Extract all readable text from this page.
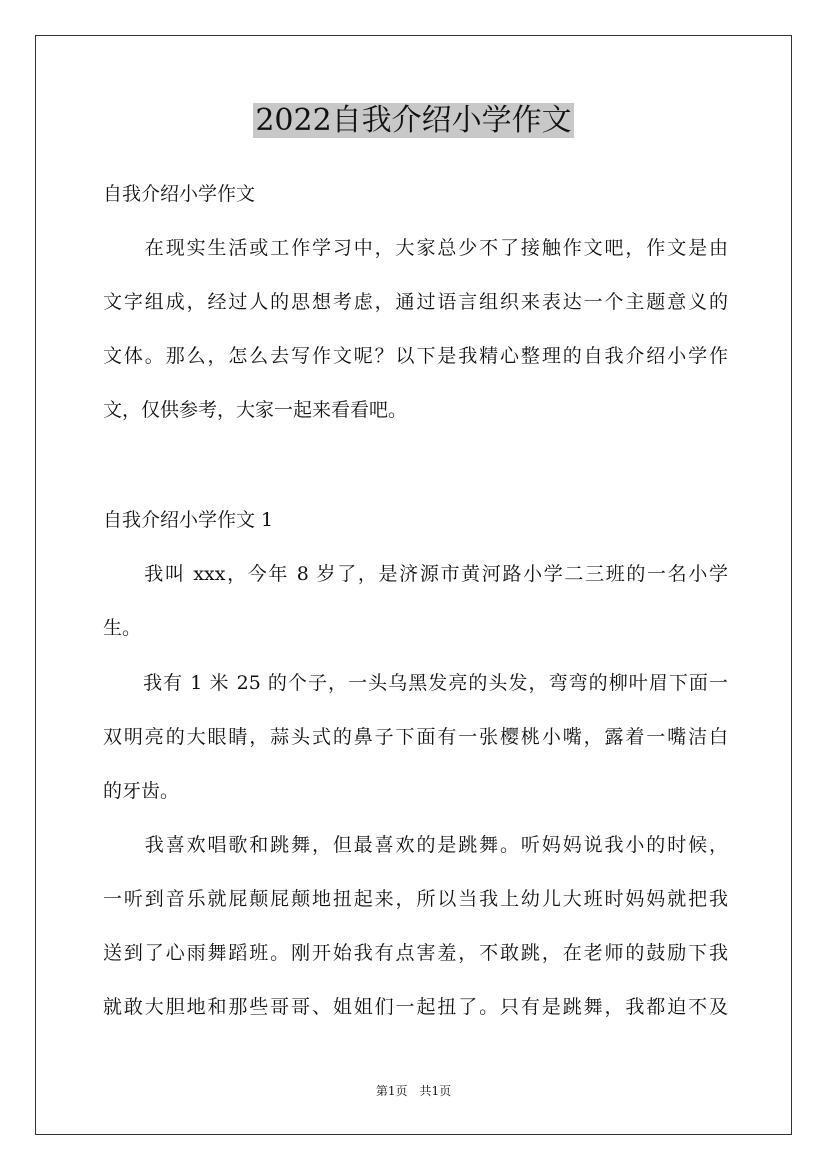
2022自我介绍小学作文
自我介绍小学作文
　　在现实生活或工作学习中，大家总少不了接触作文吧，作文是由
文字组成，经过人的思想考虑，通过语言组织来表达一个主题意义的
文体。那么，怎么去写作文呢？以下是我精心整理的自我介绍小学作
文，仅供参考，大家一起来看看吧。
自我介绍小学作文 1
　　我叫 xxx，今年 8 岁了，是济源市黄河路小学二三班的一名小学
生。
　　我有 1 米 25 的个子，一头乌黑发亮的头发，弯弯的柳叶眉下面一
双明亮的大眼睛，蒜头式的鼻子下面有一张樱桃小嘴，露着一嘴洁白
的牙齿。
　　我喜欢唱歌和跳舞，但最喜欢的是跳舞。听妈妈说我小的时候，
一听到音乐就屁颠屁颠地扭起来，所以当我上幼儿大班时妈妈就把我
送到了心雨舞蹈班。刚开始我有点害羞，不敢跳，在老师的鼓励下我
就敢大胆地和那些哥哥、姐姐们一起扭了。只有是跳舞，我都迫不及
第1页　共1页
